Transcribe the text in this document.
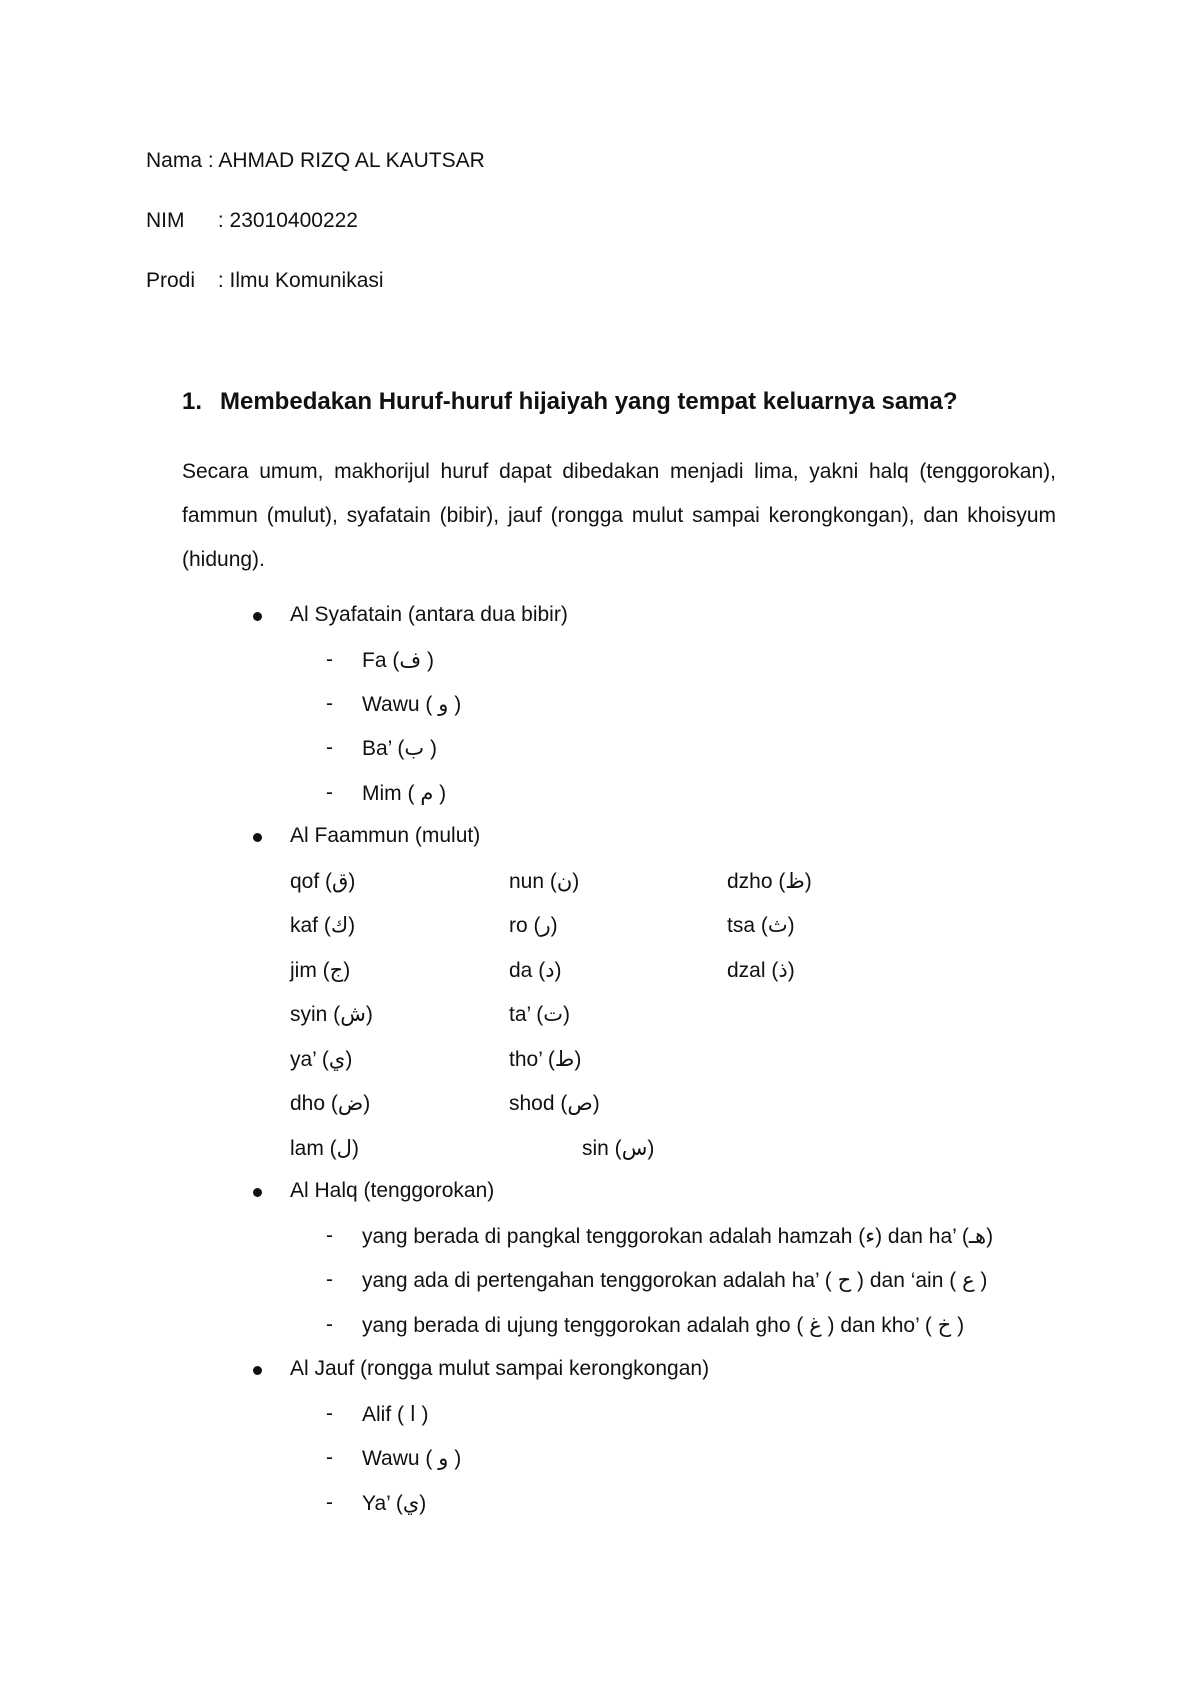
Nama : AHMAD RIZQ AL KAUTSAR
NIM : 23010400222
Prodi : Ilmu Komunikasi
1. Membedakan Huruf-huruf hijaiyah yang tempat keluarnya sama?
Secara umum, makhorijul huruf dapat dibedakan menjadi lima, yakni halq (tenggorokan), fammun (mulut), syafatain (bibir), jauf (rongga mulut sampai kerongkongan), dan khoisyum (hidung).
Al Syafatain (antara dua bibir)
- Fa (ف )
- Wawu ( و )
- Ba’ (ب )
- Mim ( م )
Al Faammun (mulut)
qof (ق)
kaf (ك)
jim (ج)
syin (ش)
ya’ (ي)
dho (ض)
lam (ل)
nun (ن)
ro (ر)
da (د)
ta’ (ت)
tho’ (ط)
shod (ص)
sin (س)
dzho (ظ)
tsa (ث)
dzal (ذ)
Al Halq (tenggorokan)
- yang berada di pangkal tenggorokan adalah hamzah (ء) dan ha’ (هـ)
- yang ada di pertengahan tenggorokan adalah ha’ ( ح ) dan ‘ain ( ع )
- yang berada di ujung tenggorokan adalah gho ( غ ) dan kho’ ( خ )
Al Jauf (rongga mulut sampai kerongkongan)
- Alif ( ا )
- Wawu ( و )
- Ya’ (ي)
